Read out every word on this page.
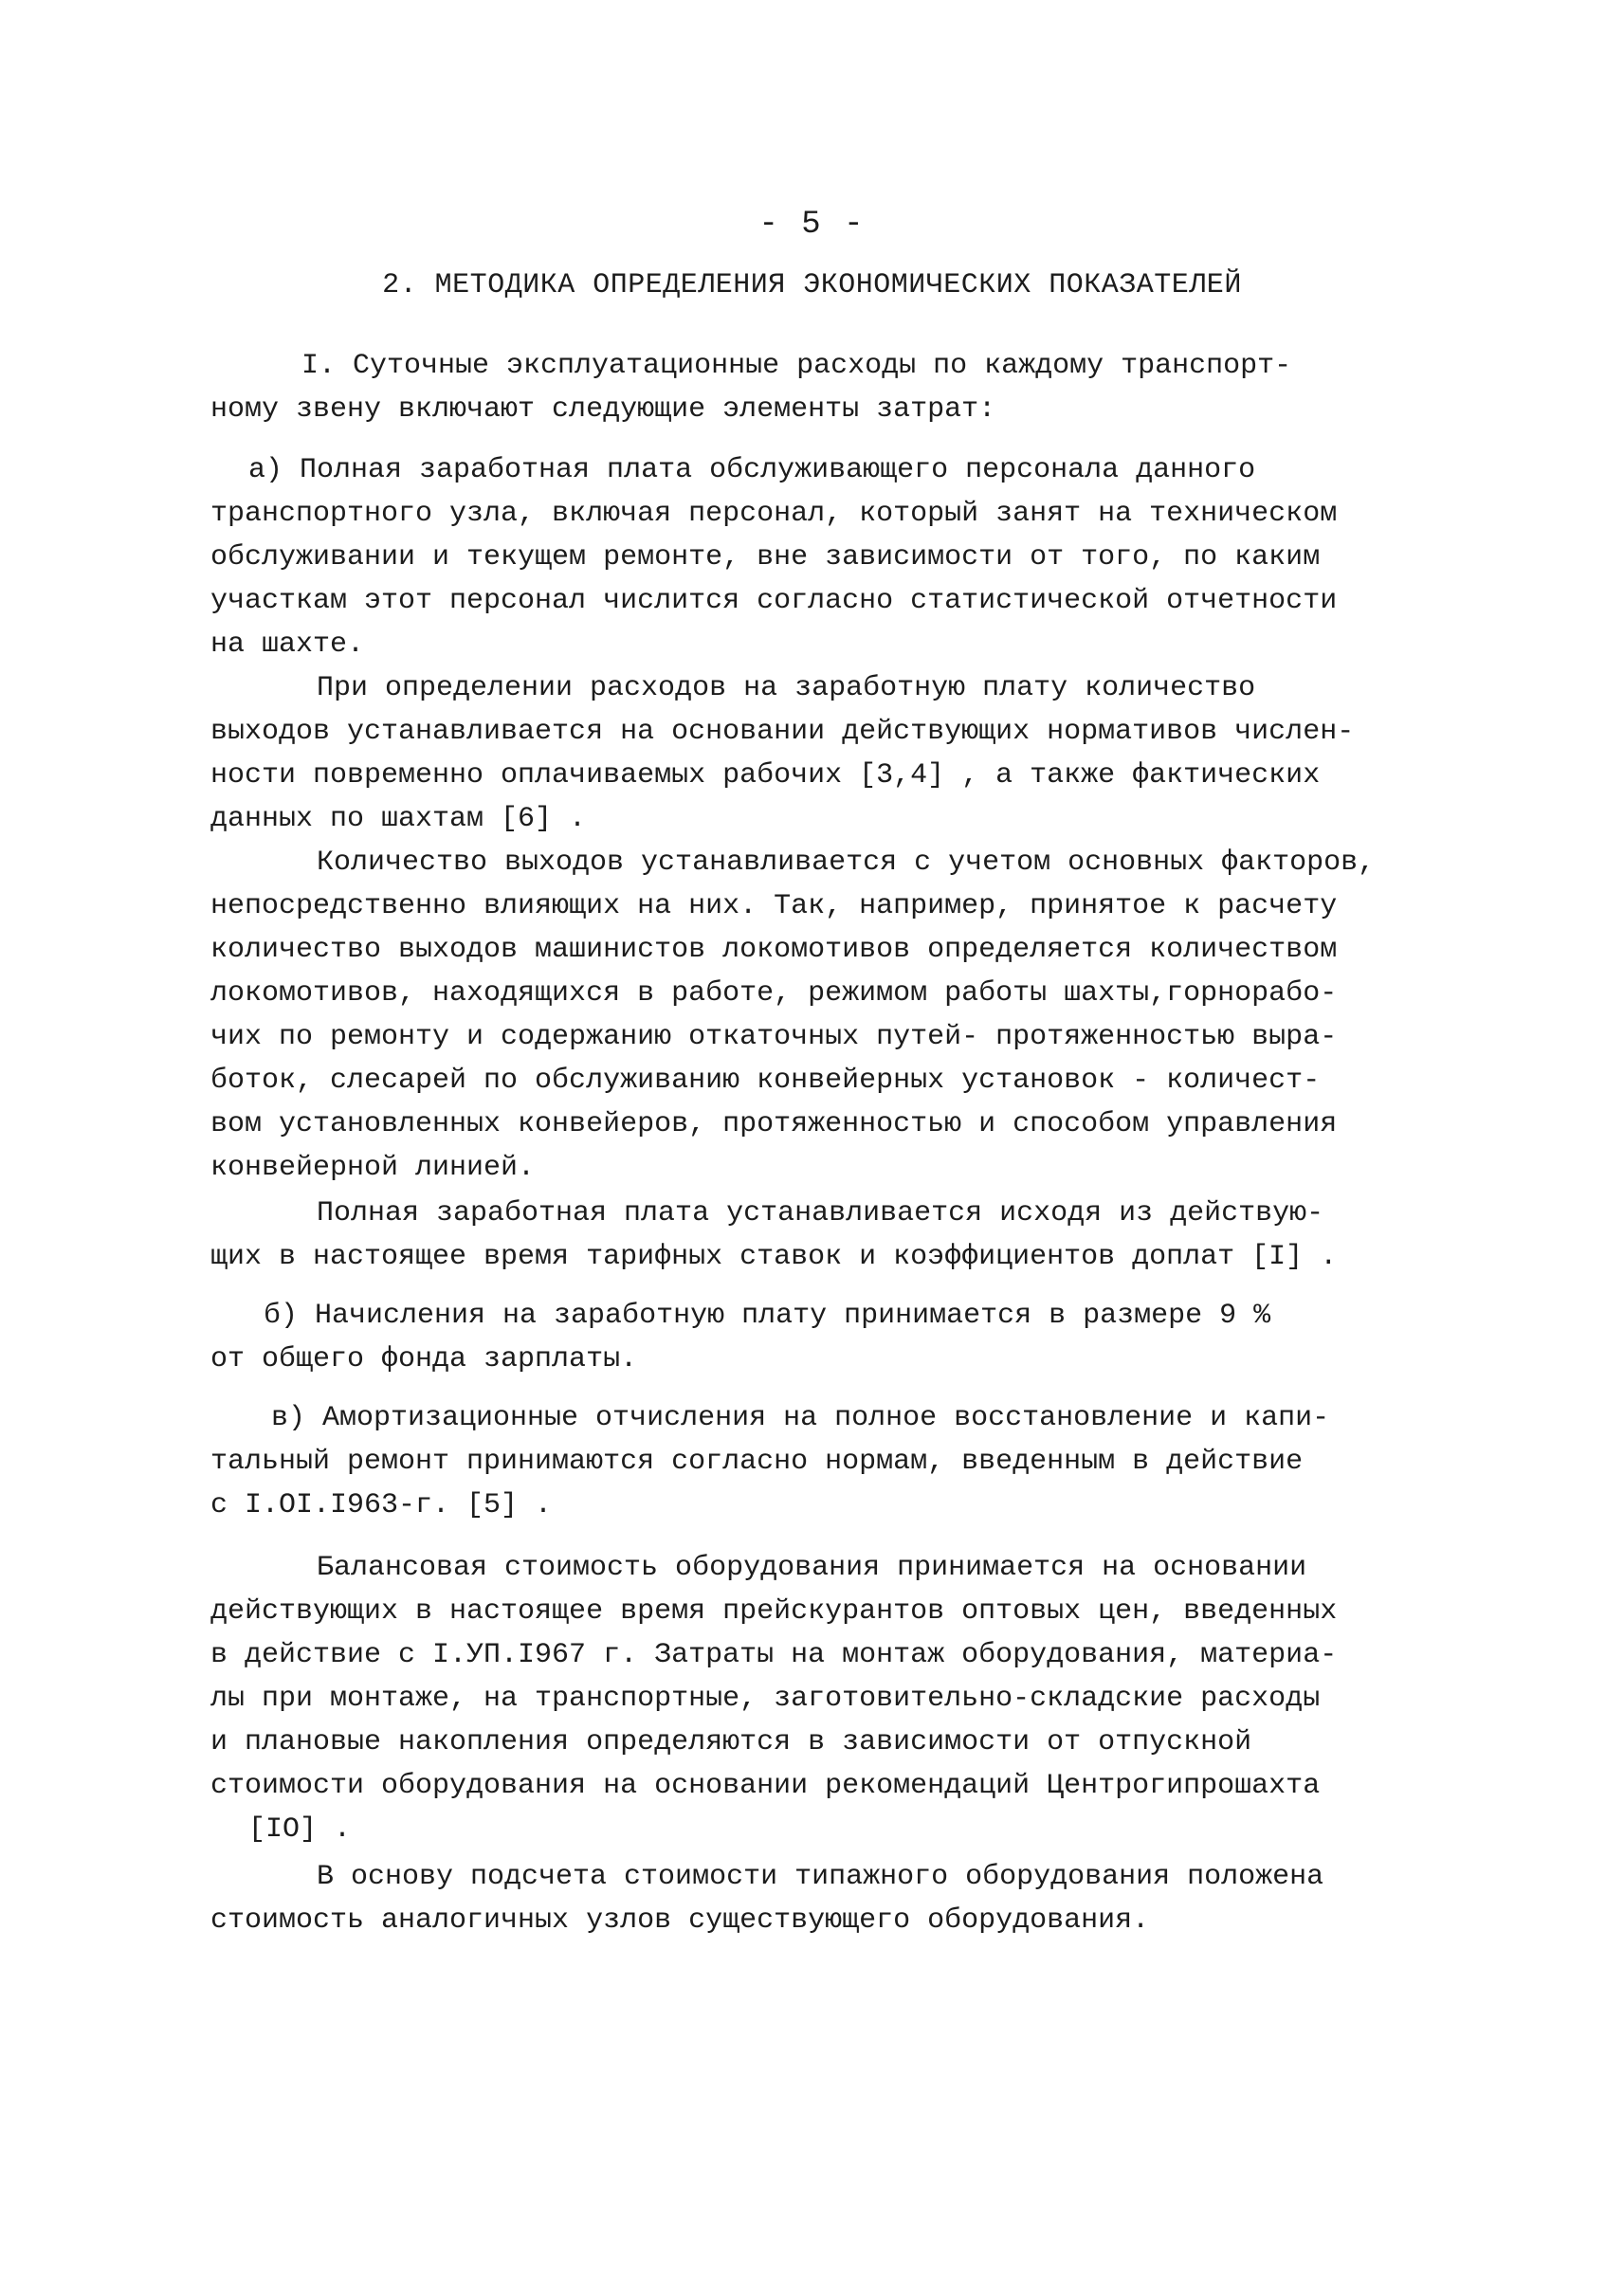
- 5 -
2. МЕТОДИКА ОПРЕДЕЛЕНИЯ ЭКОНОМИЧЕСКИХ ПОКАЗАТЕЛЕЙ
I. Суточные эксплуатационные расходы по каждому транспорт-
ному звену включают следующие элементы затрат:
а) Полная заработная плата обслуживающего персонала данного
транспортного узла, включая персонал, который занят на техническом
обслуживании и текущем ремонте, вне зависимости от того, по каким
участкам этот персонал числится согласно статистической отчетности
на шахте.
При определении расходов на заработную плату количество
выходов устанавливается на основании действующих нормативов числен-
ности повременно оплачиваемых рабочих [3,4] , а также фактических
данных по шахтам [6] .
Количество выходов устанавливается с учетом основных факторов,
непосредственно влияющих на них. Так, например, принятое к расчету
количество выходов машинистов локомотивов определяется количеством
локомотивов, находящихся в работе, режимом работы шахты,горнорабо-
чих по ремонту и содержанию откаточных путей- протяженностью выра-
боток, слесарей по обслуживанию конвейерных установок - количест-
вом установленных конвейеров, протяженностью и способом управления
конвейерной линией.
Полная заработная плата устанавливается исходя из действую-
щих в настоящее время тарифных ставок и коэффициентов доплат [I] .
б) Начисления на заработную плату принимается в размере 9 %
от общего фонда зарплаты.
в) Амортизационные отчисления на полное восстановление и капи-
тальный ремонт принимаются согласно нормам, введенным в действие
с I.OI.I963-г. [5] .
Балансовая стоимость оборудования принимается на основании
действующих в настоящее время прейскурантов оптовых цен, введенных
в действие с I.УП.I967 г. Затраты на монтаж оборудования, материа-
лы при монтаже, на транспортные, заготовительно-складские расходы
и плановые накопления определяются в зависимости от отпускной
стоимости оборудования на основании рекомендаций Центрогипрошахта
[IO] .
В основу подсчета стоимости типажного оборудования положена
стоимость аналогичных узлов существующего оборудования.
